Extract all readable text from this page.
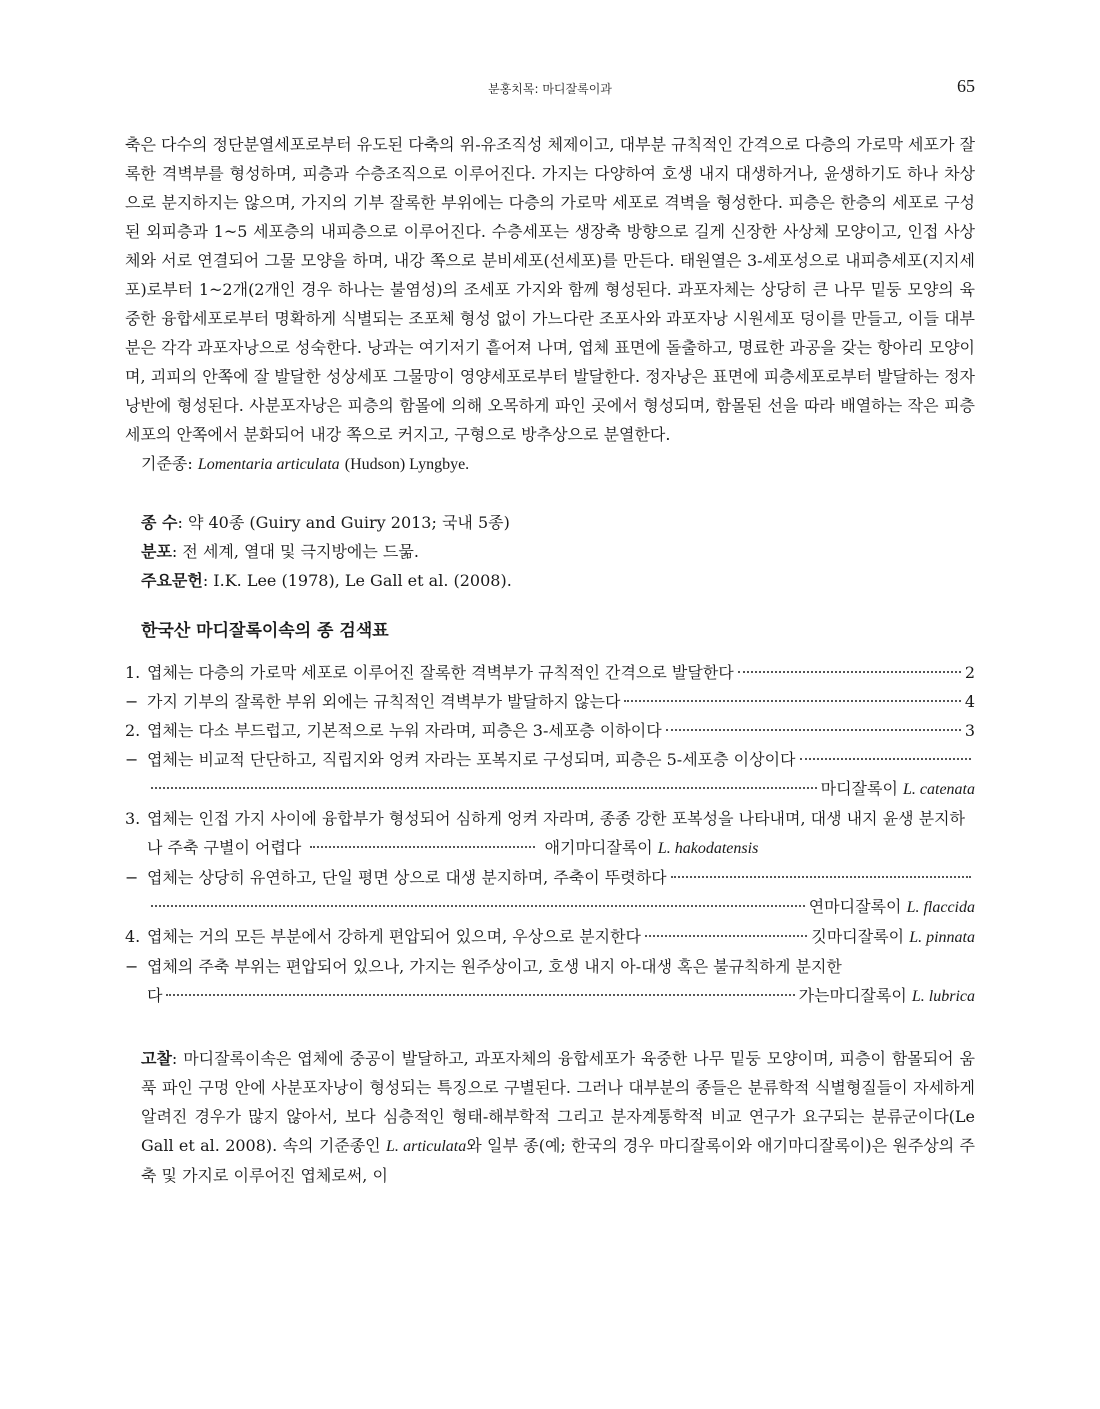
분홍치목: 마디잘록이과	65

축은 다수의 정단분열세포로부터 유도된 다축의 위-유조직성 체제이고, 대부분 규칙적인 간격으로 다층의 가로막 세포가 잘록한 격벽부를 형성하며, 피층과 수층조직으로 이루어진다. 가지는 다양하여 호생 내지 대생하거나, 윤생하기도 하나 차상으로 분지하지는 않으며, 가지의 기부 잘록한 부위에는 다층의 가로막 세포로 격벽을 형성한다. 피층은 한층의 세포로 구성된 외피층과 1~5 세포층의 내피층으로 이루어진다. 수층세포는 생장축 방향으로 길게 신장한 사상체 모양이고, 인접 사상체와 서로 연결되어 그물 모양을 하며, 내강 쪽으로 분비세포(선세포)를 만든다. 태원열은 3-세포성으로 내피층세포(지지세포)로부터 1~2개(2개인 경우 하나는 불염성)의 조세포 가지와 함께 형성된다. 과포자체는 상당히 큰 나무 밑둥 모양의 육중한 융합세포로부터 명확하게 식별되는 조포체 형성 없이 가느다란 조포사와 과포자낭 시원세포 덩이를 만들고, 이들 대부분은 각각 과포자낭으로 성숙한다. 낭과는 여기저기 흩어져 나며, 엽체 표면에 돌출하고, 명료한 과공을 갖는 항아리 모양이며, 괴피의 안쪽에 잘 발달한 성상세포 그물망이 영양세포로부터 발달한다. 정자낭은 표면에 피층세포로부터 발달하는 정자낭반에 형성된다. 사분포자낭은 피층의 함몰에 의해 오목하게 파인 곳에서 형성되며, 함몰된 선을 따라 배열하는 작은 피층세포의 안쪽에서 분화되어 내강 쪽으로 커지고, 구형으로 방추상으로 분열한다.

기준종: Lomentaria articulata (Hudson) Lyngbye.

종 수: 약 40종 (Guiry and Guiry 2013; 국내 5종)

분포: 전 세계, 열대 및 극지방에는 드묾.

주요문헌: I.K. Lee (1978), Le Gall et al. (2008).

한국산 마디잘록이속의 종 검색표
1. 엽체는 다층의 가로막 세포로 이루어진 잘록한 격벽부가 규칙적인 간격으로 발달한다	2
− 가지 기부의 잘록한 부위 외에는 규칙적인 격벽부가 발달하지 않는다	4
2. 엽체는 다소 부드럽고, 기본적으로 누워 자라며, 피층은 3-세포층 이하이다	3
− 엽체는 비교적 단단하고, 직립지와 엉켜 자라는 포복지로 구성되며, 피층은 5-세포층 이상이다
마디잘록이 L. catenata
3. 엽체는 인접 가지 사이에 융합부가 형성되어 심하게 엉켜 자라며, 종종 강한 포복성을 나타내며, 대생 내지 윤생 분지하나 주축 구별이 어렵다	애기마디잘록이 L. hakodatensis
− 엽체는 상당히 유연하고, 단일 평면 상으로 대생 분지하며, 주축이 뚜렷하다
연마디잘록이 L. flaccida
4. 엽체는 거의 모든 부분에서 강하게 편압되어 있으며, 우상으로 분지한다	깃마디잘록이 L. pinnata
− 엽체의 주축 부위는 편압되어 있으나, 가지는 원주상이고, 호생 내지 아-대생 혹은 불규칙하게 분지한
다	가는마디잘록이 L. lubrica

고찰: 마디잘록이속은 엽체에 중공이 발달하고, 과포자체의 융합세포가 육중한 나무 밑둥 모양이며, 피층이 함몰되어 움푹 파인 구멍 안에 사분포자낭이 형성되는 특징으로 구별된다. 그러나 대부분의 종들은 분류학적 식별형질들이 자세하게 알려진 경우가 많지 않아서, 보다 심층적인 형태-해부학적 그리고 분자계통학적 비교 연구가 요구되는 분류군이다(Le Gall et al. 2008). 속의 기준종인 L. articulata와 일부 종(예; 한국의 경우 마디잘록이와 애기마디잘록이)은 원주상의 주축 및 가지로 이루어진 엽체로써, 이
